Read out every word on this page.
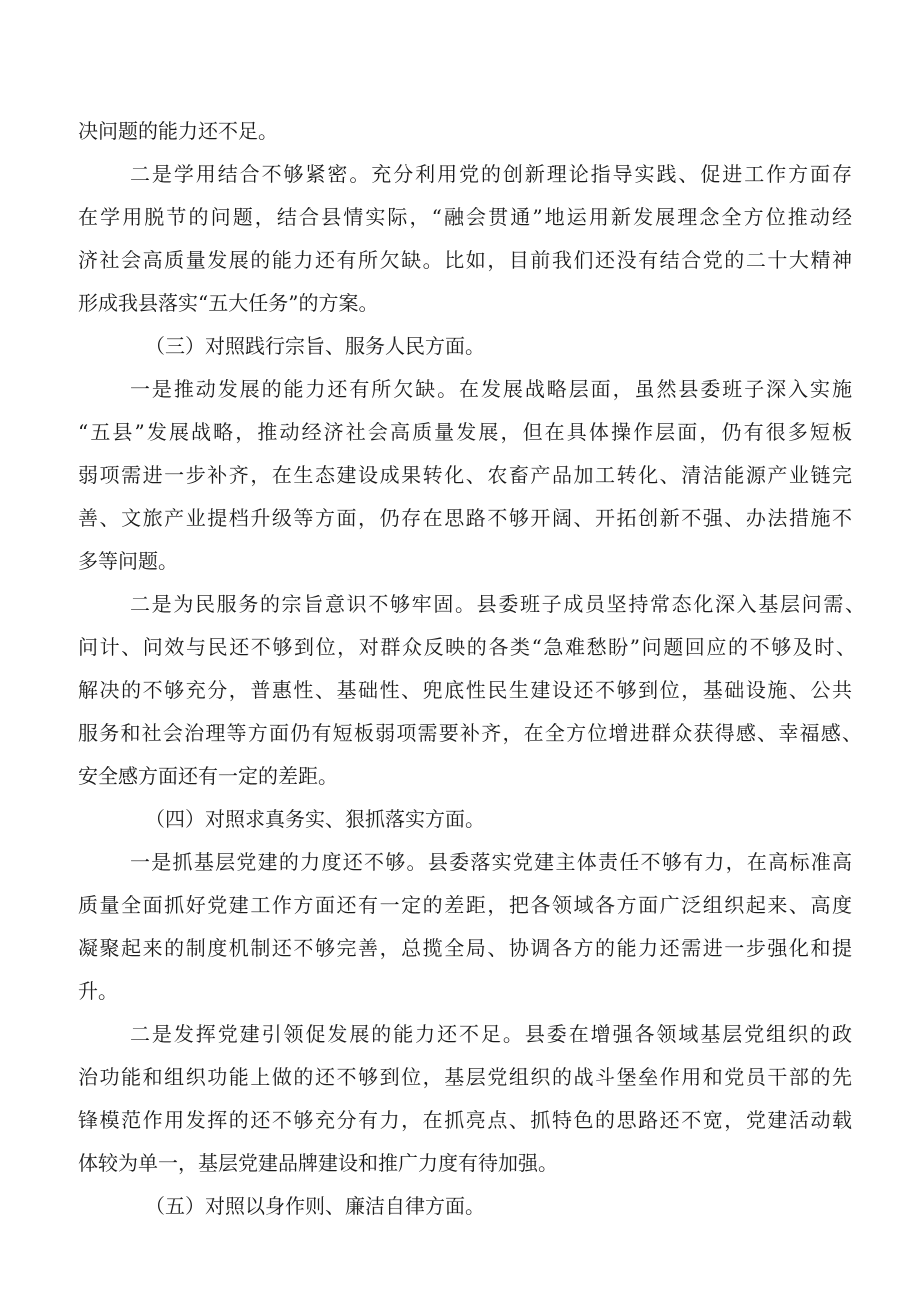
决问题的能力还不足。

二是学用结合不够紧密。充分利用党的创新理论指导实践、促进工作方面存

在学用脱节的问题，结合县情实际，“融会贯通”地运用新发展理念全方位推动经

济社会高质量发展的能力还有所欠缺。比如，目前我们还没有结合党的二十大精神

形成我县落实“五大任务”的方案。

（三）对照践行宗旨、服务人民方面。

一是推动发展的能力还有所欠缺。在发展战略层面，虽然县委班子深入实施

“五县”发展战略，推动经济社会高质量发展，但在具体操作层面，仍有很多短板

弱项需进一步补齐，在生态建设成果转化、农畜产品加工转化、清洁能源产业链完

善、文旅产业提档升级等方面，仍存在思路不够开阔、开拓创新不强、办法措施不

多等问题。

二是为民服务的宗旨意识不够牢固。县委班子成员坚持常态化深入基层问需、

问计、问效与民还不够到位，对群众反映的各类“急难愁盼”问题回应的不够及时、

解决的不够充分，普惠性、基础性、兜底性民生建设还不够到位，基础设施、公共

服务和社会治理等方面仍有短板弱项需要补齐，在全方位增进群众获得感、幸福感、

安全感方面还有一定的差距。

（四）对照求真务实、狠抓落实方面。

一是抓基层党建的力度还不够。县委落实党建主体责任不够有力，在高标准高

质量全面抓好党建工作方面还有一定的差距，把各领域各方面广泛组织起来、高度

凝聚起来的制度机制还不够完善，总揽全局、协调各方的能力还需进一步强化和提

升。

二是发挥党建引领促发展的能力还不足。县委在增强各领域基层党组织的政

治功能和组织功能上做的还不够到位，基层党组织的战斗堡垒作用和党员干部的先

锋模范作用发挥的还不够充分有力，在抓亮点、抓特色的思路还不宽，党建活动载

体较为单一，基层党建品牌建设和推广力度有待加强。

（五）对照以身作则、廉洁自律方面。
